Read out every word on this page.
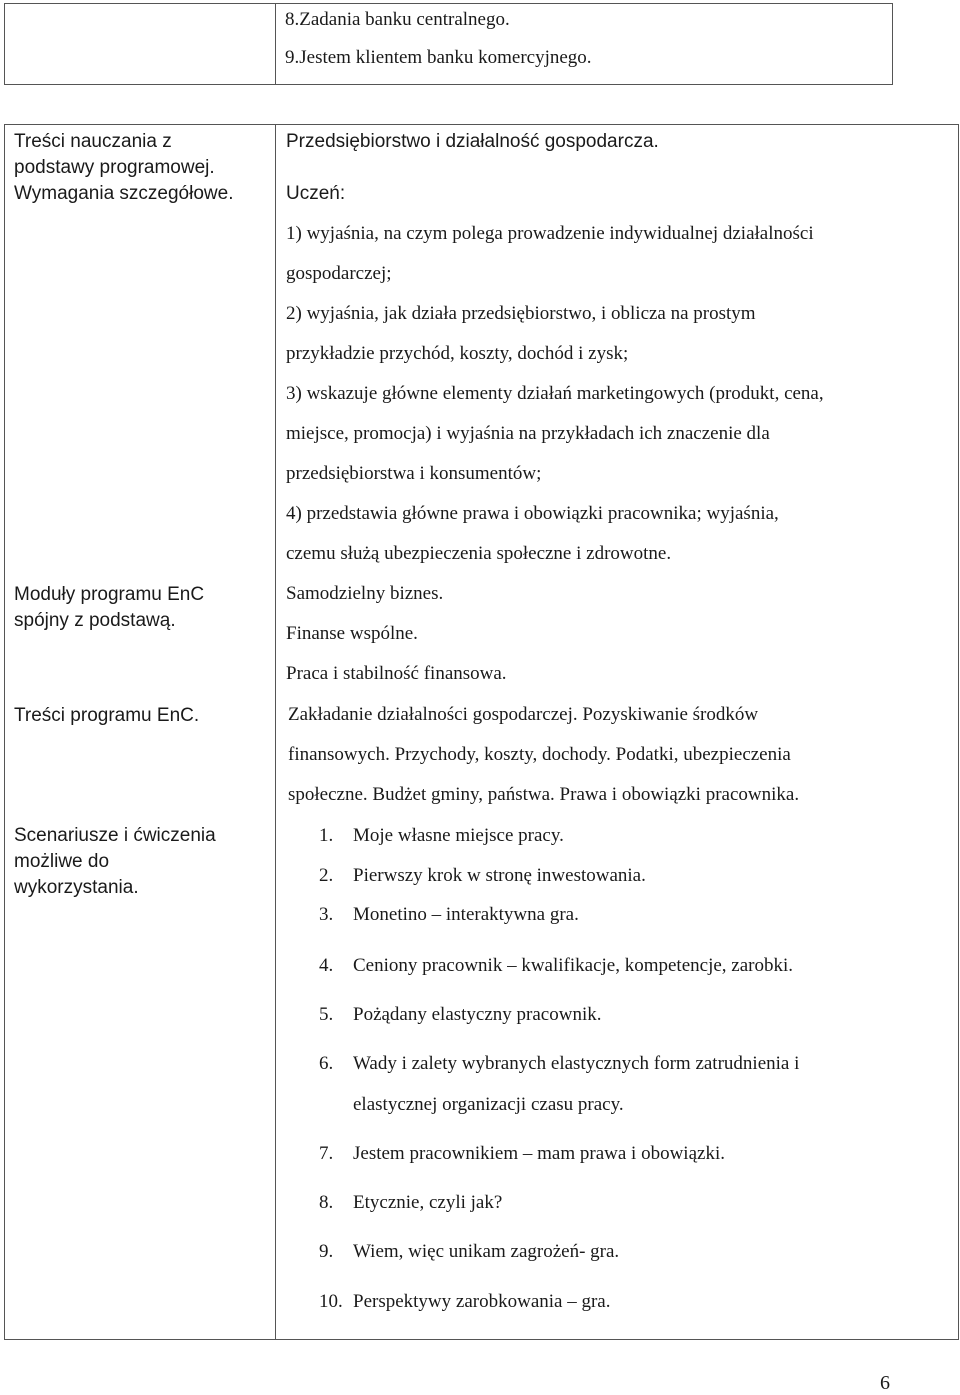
8.Zadania banku centralnego.
9.Jestem klientem banku komercyjnego.
Treści nauczania z
podstawy programowej.
Wymagania szczegółowe.
Moduły programu EnC
spójny z podstawą.
Treści programu EnC.
Scenariusze i ćwiczenia
możliwe do
wykorzystania.
Przedsiębiorstwo i działalność gospodarcza.
Uczeń:
1) wyjaśnia, na czym polega prowadzenie indywidualnej działalności
gospodarczej;
2) wyjaśnia, jak działa przedsiębiorstwo, i oblicza na prostym
przykładzie przychód, koszty, dochód i zysk;
3) wskazuje główne elementy działań marketingowych (produkt, cena,
miejsce, promocja) i wyjaśnia na przykładach ich znaczenie dla
przedsiębiorstwa i konsumentów;
4) przedstawia główne prawa i obowiązki pracownika; wyjaśnia,
czemu służą ubezpieczenia społeczne i zdrowotne.
Samodzielny biznes.
Finanse wspólne.
Praca i stabilność finansowa.
Zakładanie działalności gospodarczej. Pozyskiwanie środków
finansowych. Przychody, koszty, dochody. Podatki, ubezpieczenia
społeczne. Budżet gminy, państwa. Prawa i obowiązki pracownika.
1. Moje własne miejsce pracy.
2. Pierwszy krok w stronę inwestowania.
3. Monetino – interaktywna gra.
4. Ceniony pracownik – kwalifikacje, kompetencje, zarobki.
5. Pożądany elastyczny pracownik.
6. Wady i zalety wybranych elastycznych form zatrudnienia i
elastycznej organizacji czasu pracy.
7. Jestem pracownikiem – mam prawa i obowiązki.
8. Etycznie, czyli jak?
9. Wiem, więc unikam zagrożeń- gra.
10. Perspektywy zarobkowania – gra.
6
